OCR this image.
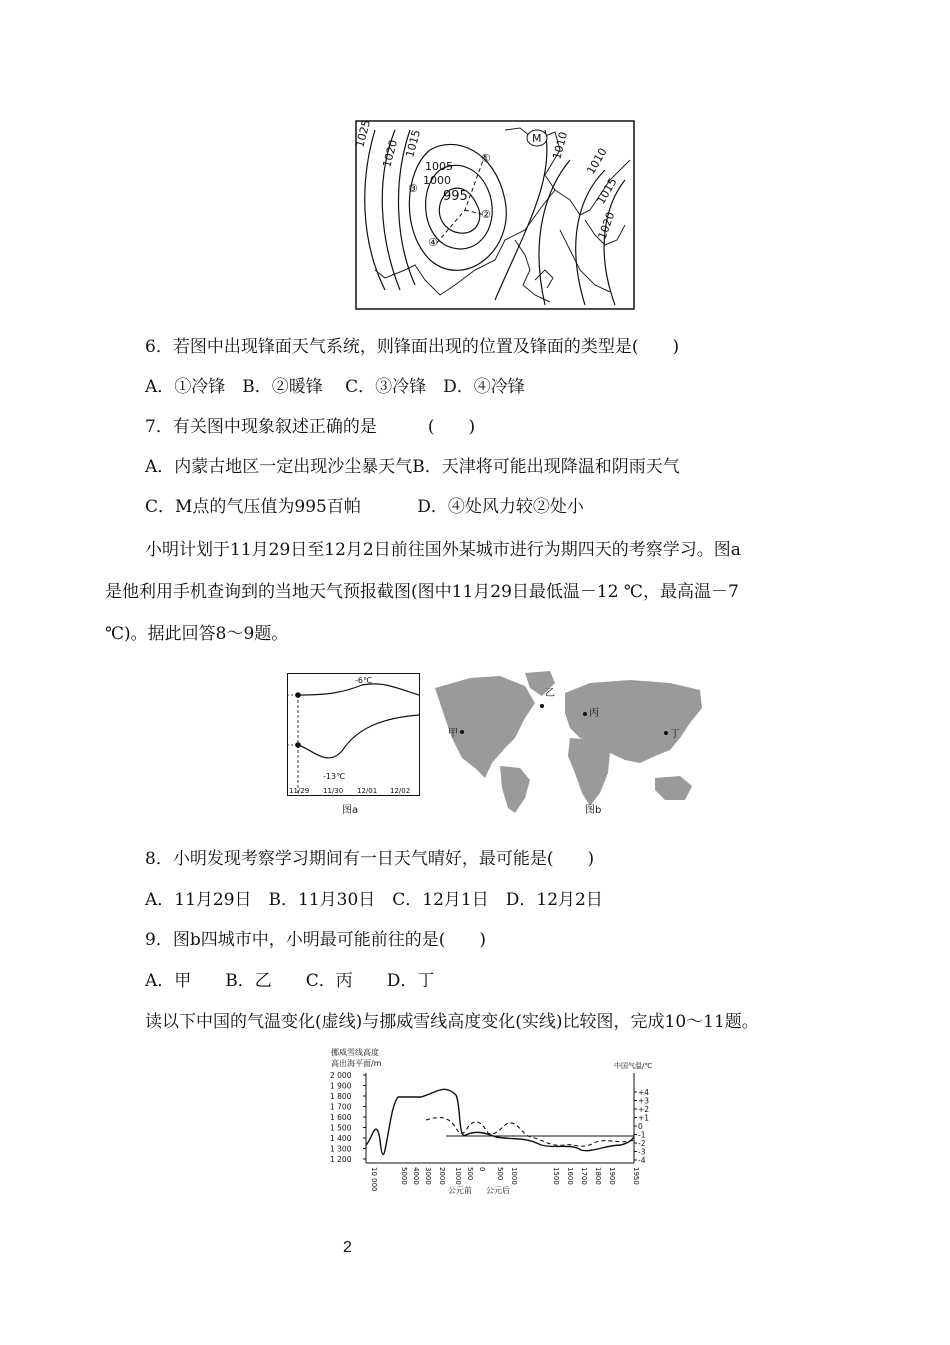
1025
1020 1015
1005
1000
995
1010
1010
1015
1020
M
①
②
③
④
6．若图中出现锋面天气系统，则锋面出现的位置及锋面的类型是(　　)
A．①冷锋　B．②暖锋　 C．③冷锋　D．④冷锋
7．有关图中现象叙述正确的是　　　(　　)
A．内蒙古地区一定出现沙尘暴天气B．天津将可能出现降温和阴雨天气
C．M点的气压值为995百帕　　　 D．④处风力较②处小
小明计划于11月29日至12月2日前往国外某城市进行为期四天的考察学习。图a
是他利用手机查询到的当地天气预报截图(图中11月29日最低温－12 ℃，最高温－7
℃)。据此回答8～9题。
-6℃
-13℃
11/29 11/30 12/01 12/02
图a
甲
乙
丙
丁
图b
8．小明发现考察学习期间有一日天气晴好，最可能是(　　)
A．11月29日　B．11月30日　C．12月1日　D．12月2日
9．图b四城市中，小明最可能前往的是(　　)
A．甲　　B．乙　　C．丙　　D．丁
读以下中国的气温变化(虚线)与挪威雪线高度变化(实线)比较图，完成10～11题。
挪威雪线高度
高出海平面/m	中国气温/℃
2 000
1 900
1 800
1 700
1 600
1 500
1 400
1 300
1 200
+4
+3
+2
+1
0
-1
-2
-3
-4
10 000	5000 4000 3000 2000 1000 500 0 500 1000	1500 1600 1700 1800 1900 1950
公元前 公元后
2
